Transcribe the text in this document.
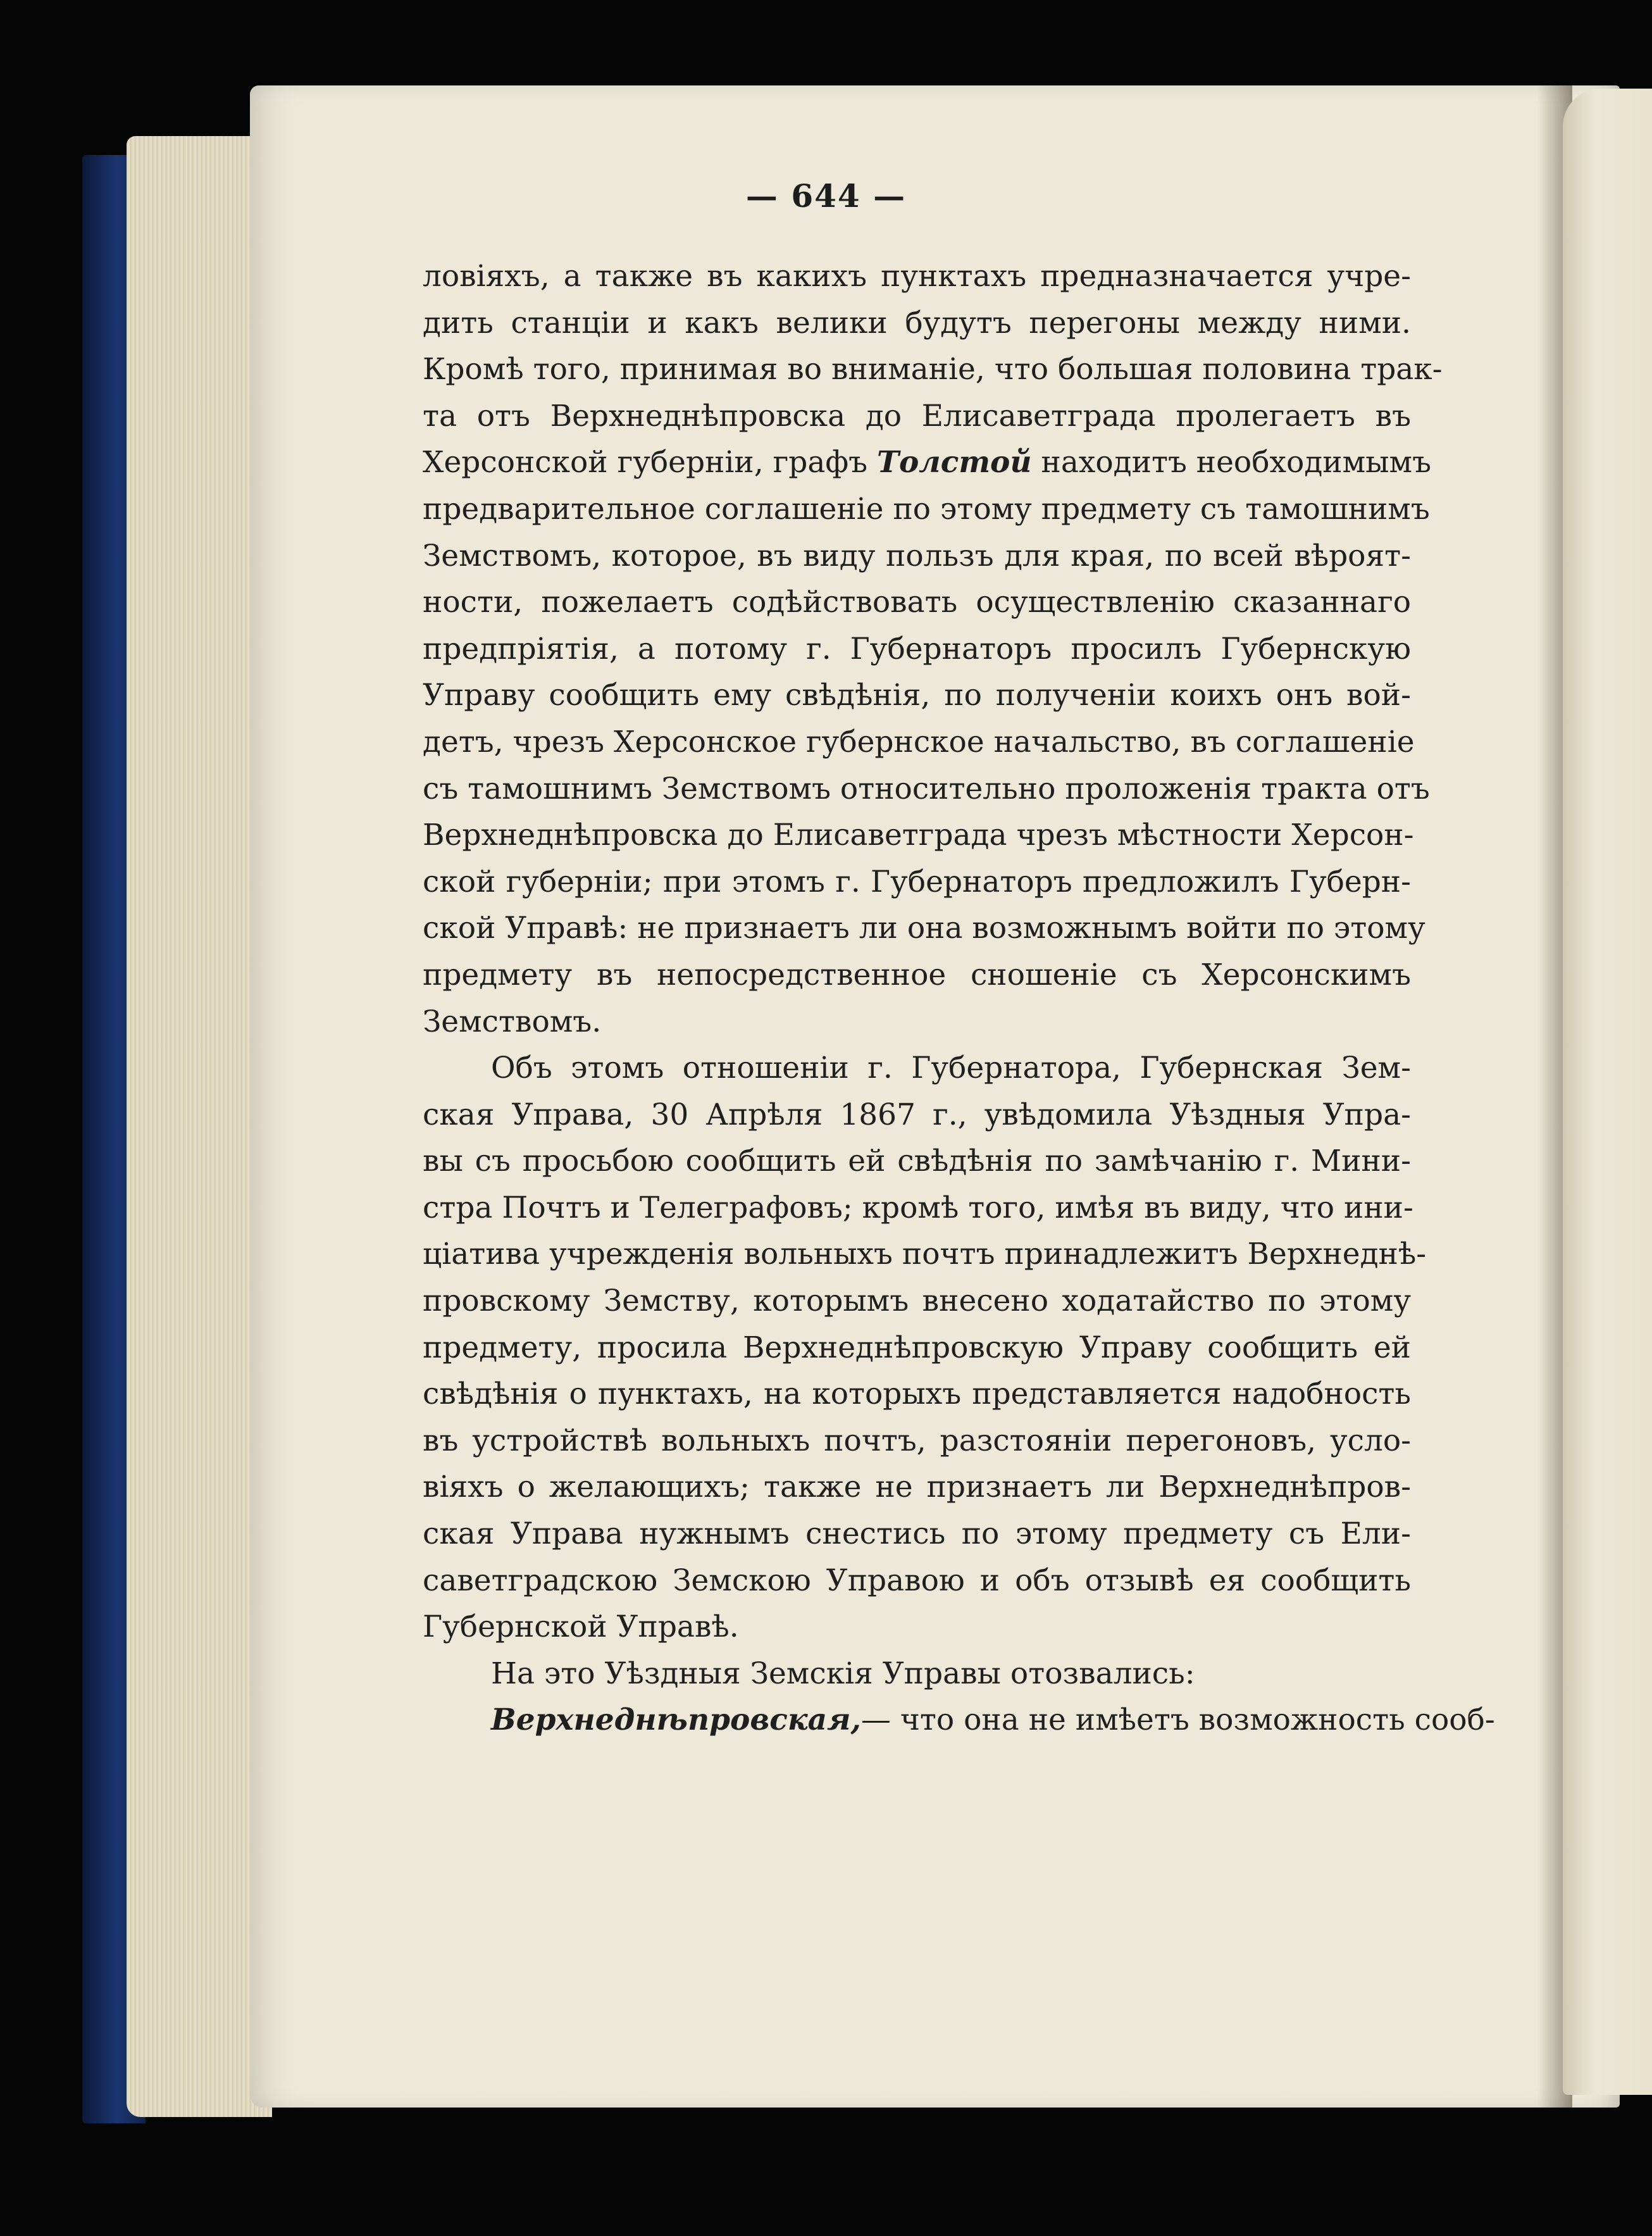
— 644 —
ловіяхъ, а также въ какихъ пунктахъ предназначается учре-
дить станціи и какъ велики будутъ перегоны между ними.
Кромѣ того, принимая во вниманіе, что большая половина трак-
та отъ Верхнеднѣпровска до Елисаветграда пролегаетъ въ
Херсонской губерніи, графъ Толстой находитъ необходимымъ
предварительное соглашеніе по этому предмету съ тамошнимъ
Земствомъ, которое, въ виду пользъ для края, по всей вѣроят-
ности, пожелаетъ содѣйствовать осуществленію сказаннаго
предпріятія, а потому г. Губернаторъ просилъ Губернскую
Управу сообщить ему свѣдѣнія, по полученіи коихъ онъ вой-
детъ, чрезъ Херсонское губернское начальство, въ соглашеніе
съ тамошнимъ Земствомъ относительно проложенія тракта отъ
Верхнеднѣпровска до Елисаветграда чрезъ мѣстности Херсон-
ской губерніи; при этомъ г. Губернаторъ предложилъ Губерн-
ской Управѣ: не признаетъ ли она возможнымъ войти по этому
предмету въ непосредственное сношеніе съ Херсонскимъ
Земствомъ.
Объ этомъ отношеніи г. Губернатора, Губернская Зем-
ская Управа, 30 Апрѣля 1867 г., увѣдомила Уѣздныя Упра-
вы съ просьбою сообщить ей свѣдѣнія по замѣчанію г. Мини-
стра Почтъ и Телеграфовъ; кромѣ того, имѣя въ виду, что ини-
ціатива учрежденія вольныхъ почтъ принадлежитъ Верхнеднѣ-
провскому Земству, которымъ внесено ходатайство по этому
предмету, просила Верхнеднѣпровскую Управу сообщить ей
свѣдѣнія о пунктахъ, на которыхъ представляется надобность
въ устройствѣ вольныхъ почтъ, разстояніи перегоновъ, усло-
віяхъ о желающихъ; также не признаетъ ли Верхнеднѣпров-
ская Управа нужнымъ снестись по этому предмету съ Ели-
саветградскою Земскою Управою и объ отзывѣ ея сообщить
Губернской Управѣ.
На это Уѣздныя Земскія Управы отозвались:
Верхнеднѣпровская,— что она не имѣетъ возможность сооб-
